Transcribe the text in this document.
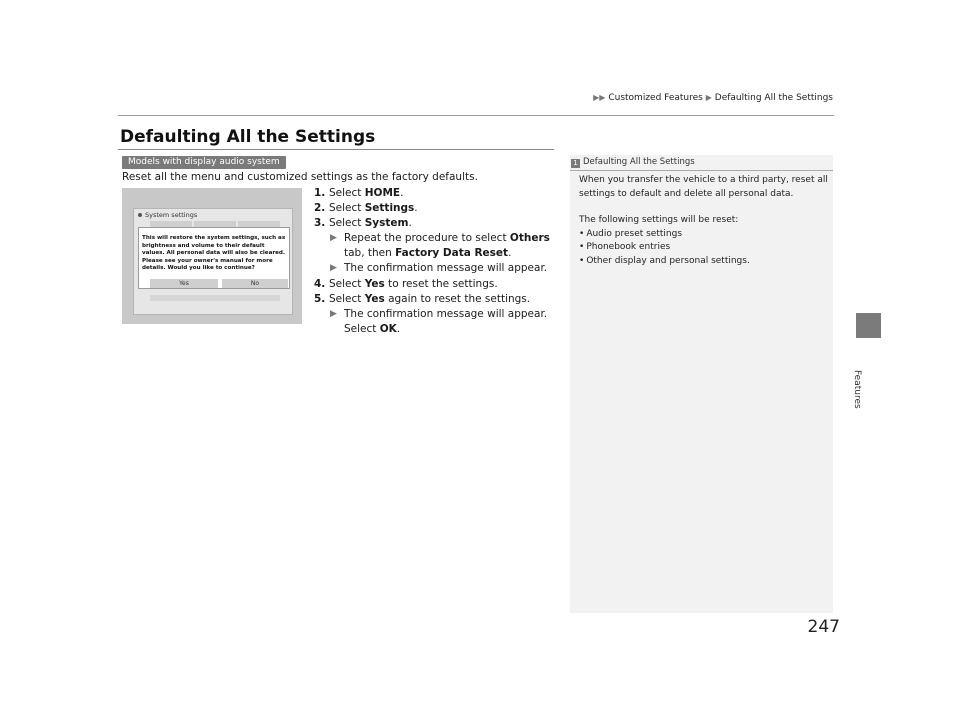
▶▶ Customized Features ▶ Defaulting All the Settings
Defaulting All the Settings
Models with display audio system
Reset all the menu and customized settings as the factory defaults.
System settings
This will restore the system settings, such as brightness and volume to their default values. All personal data will also be cleared. Please see your owner's manual for more details. Would you like to continue?
Yes	No
1. Select HOME.
2. Select Settings.
3. Select System.
▶ Repeat the procedure to select Others
tab, then Factory Data Reset.
▶ The confirmation message will appear.
4. Select Yes to reset the settings.
5. Select Yes again to reset the settings.
▶ The confirmation message will appear.
Select OK.
1 Defaulting All the Settings

When you transfer the vehicle to a third party, reset all settings to default and delete all personal data.

The following settings will be reset:

• Audio preset settings

• Phonebook entries

• Other display and personal settings.

Features
247
